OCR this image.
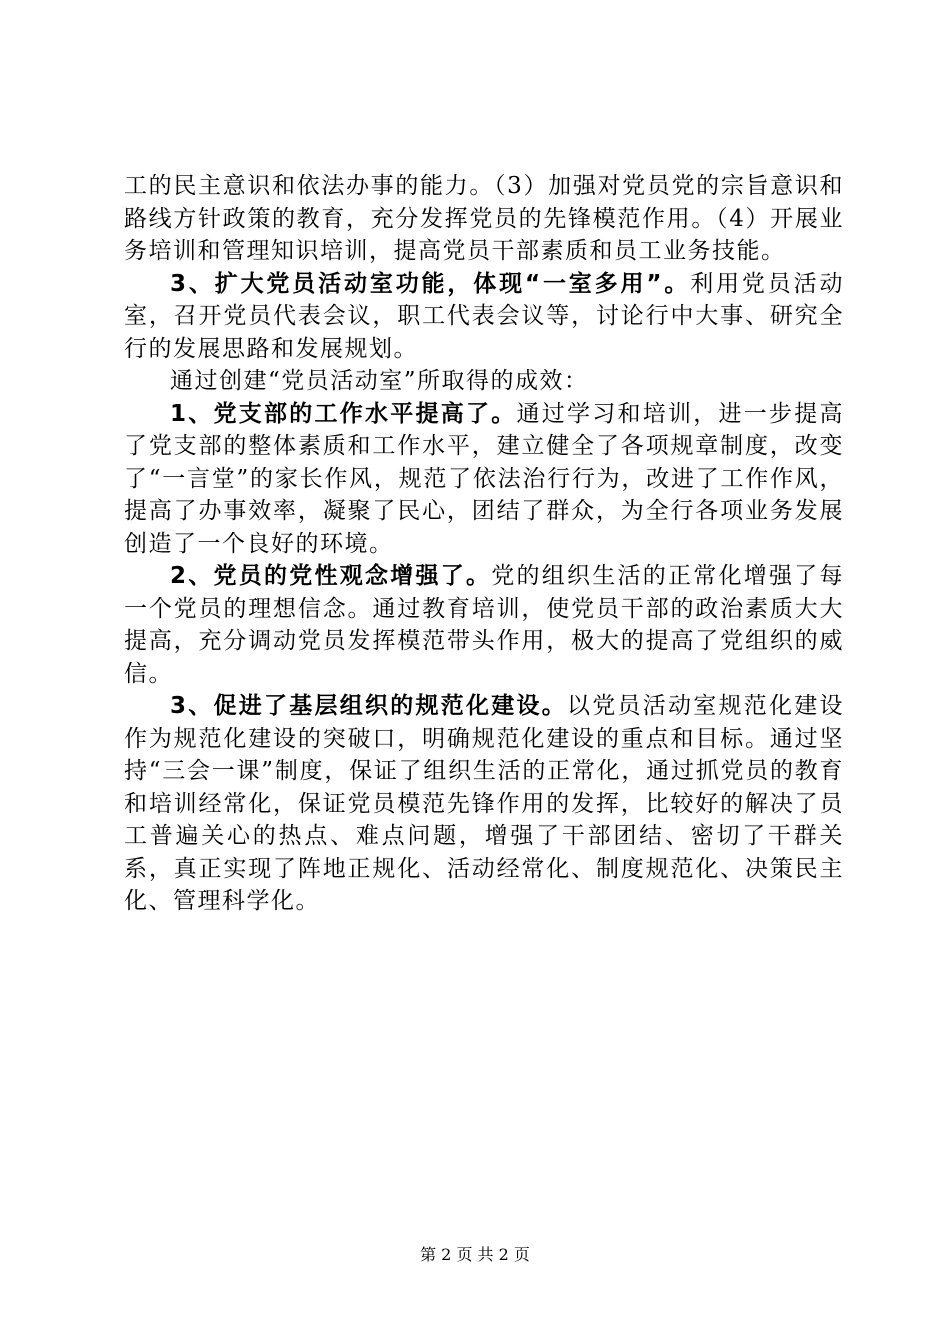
工的民主意识和依法办事的能力。（3）加强对党员党的宗旨意识和路线方针政策的教育，充分发挥党员的先锋模范作用。（4）开展业务培训和管理知识培训，提高党员干部素质和员工业务技能。

3、扩大党员活动室功能，体现“一室多用”。利用党员活动室，召开党员代表会议，职工代表会议等，讨论行中大事、研究全行的发展思路和发展规划。

通过创建“党员活动室”所取得的成效：

1、党支部的工作水平提高了。通过学习和培训，进一步提高了党支部的整体素质和工作水平，建立健全了各项规章制度，改变了“一言堂”的家长作风，规范了依法治行行为，改进了工作作风，提高了办事效率，凝聚了民心，团结了群众，为全行各项业务发展创造了一个良好的环境。

2、党员的党性观念增强了。党的组织生活的正常化增强了每一个党员的理想信念。通过教育培训，使党员干部的政治素质大大提高，充分调动党员发挥模范带头作用，极大的提高了党组织的威信。

3、促进了基层组织的规范化建设。以党员活动室规范化建设作为规范化建设的突破口，明确规范化建设的重点和目标。通过坚持“三会一课”制度，保证了组织生活的正常化，通过抓党员的教育和培训经常化，保证党员模范先锋作用的发挥，比较好的解决了员工普遍关心的热点、难点问题，增强了干部团结、密切了干群关系，真正实现了阵地正规化、活动经常化、制度规范化、决策民主化、管理科学化。

第 2 页 共 2 页
